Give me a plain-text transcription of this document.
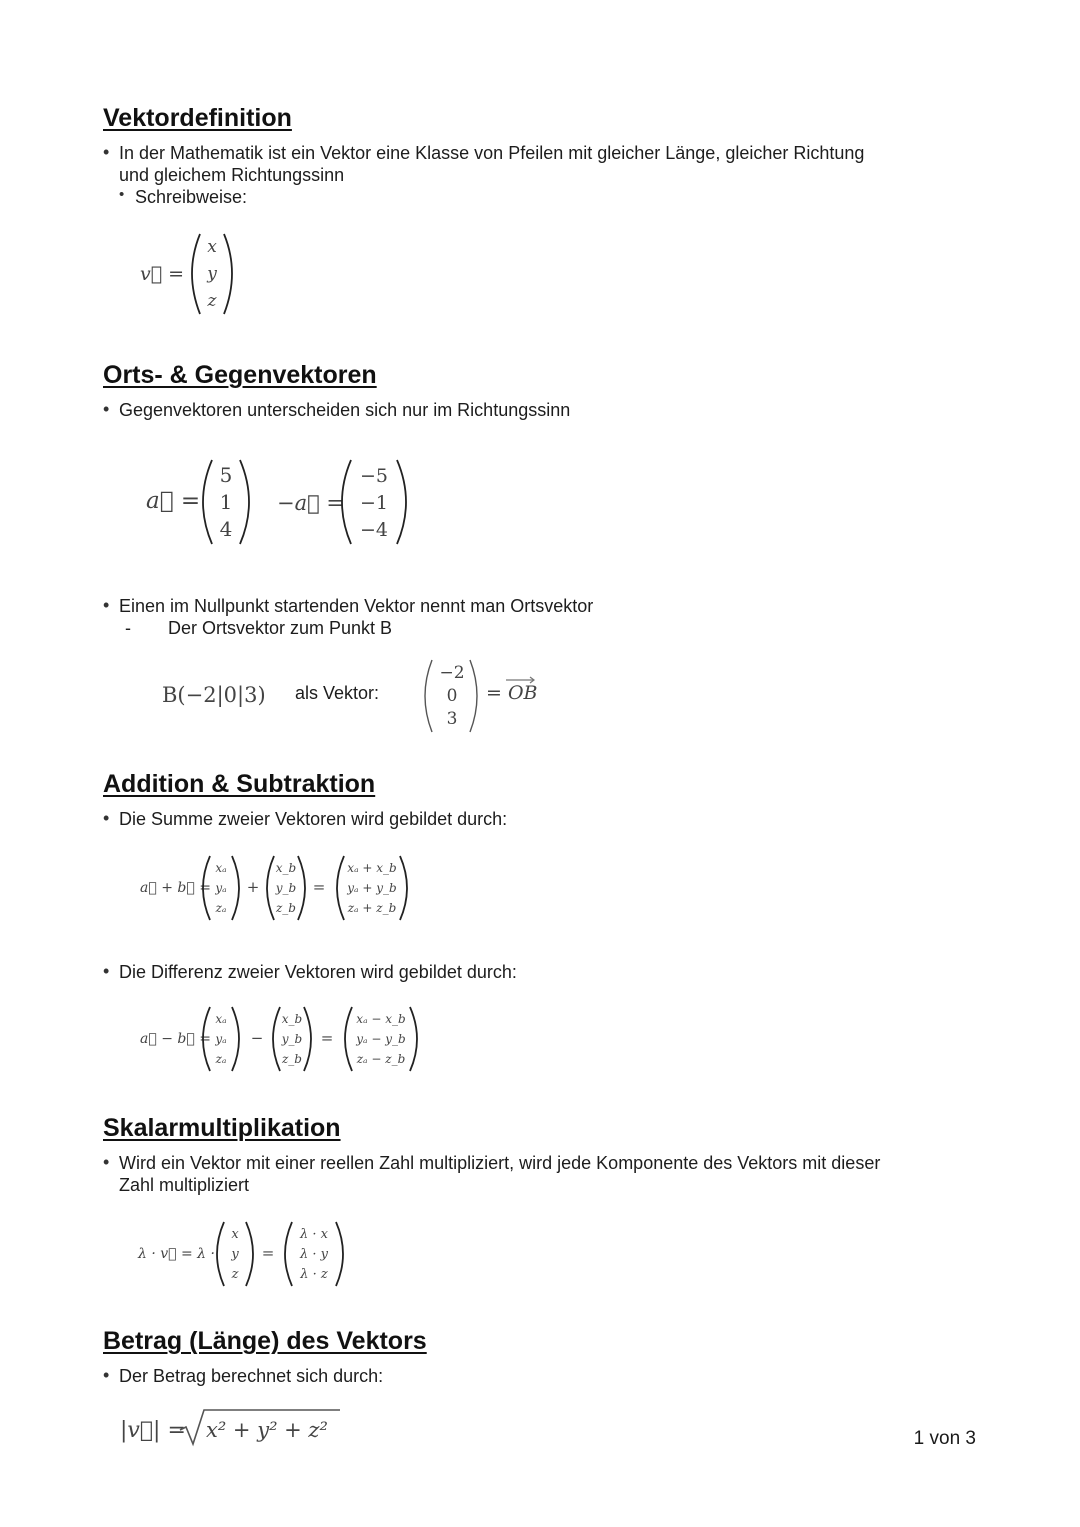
Vektordefinition
• In der Mathematik ist ein Vektor eine Klasse von Pfeilen mit gleicher Länge, gleicher Richtung

und gleichem Richtungssinn

• Schreibweise:

v⃗ =
x
y
z
Orts- & Gegenvektoren
• Gegenvektoren unterscheiden sich nur im Richtungssinn

a⃗ =
5
1
4
−a⃗ =
−5
−1
−4
• Einen im Nullpunkt startenden Vektor nennt man Ortsvektor

- Der Ortsvektor zum Punkt B

B(−2|0|3) als Vektor:

−2
0
3
= OB
Addition & Subtraktion
• Die Summe zweier Vektoren wird gebildet durch:

a⃗ + b⃗ =
xₐ
yₐ
zₐ
+
x_b
y_b
z_b
=
xₐ + x_b
yₐ + y_b
zₐ + z_b
• Die Differenz zweier Vektoren wird gebildet durch:

a⃗ − b⃗ =
xₐ
yₐ
zₐ
−
x_b
y_b
z_b
=
xₐ − x_b
yₐ − y_b
zₐ − z_b
Skalarmultiplikation
• Wird ein Vektor mit einer reellen Zahl multipliziert, wird jede Komponente des Vektors mit dieser

Zahl multipliziert

λ · v⃗ = λ ·
x
y
z
=
λ · x
λ · y
λ · z
Betrag (Länge) des Vektors
• Der Betrag berechnet sich durch:

|v⃗| = x² + y² + z²	1 von 3
